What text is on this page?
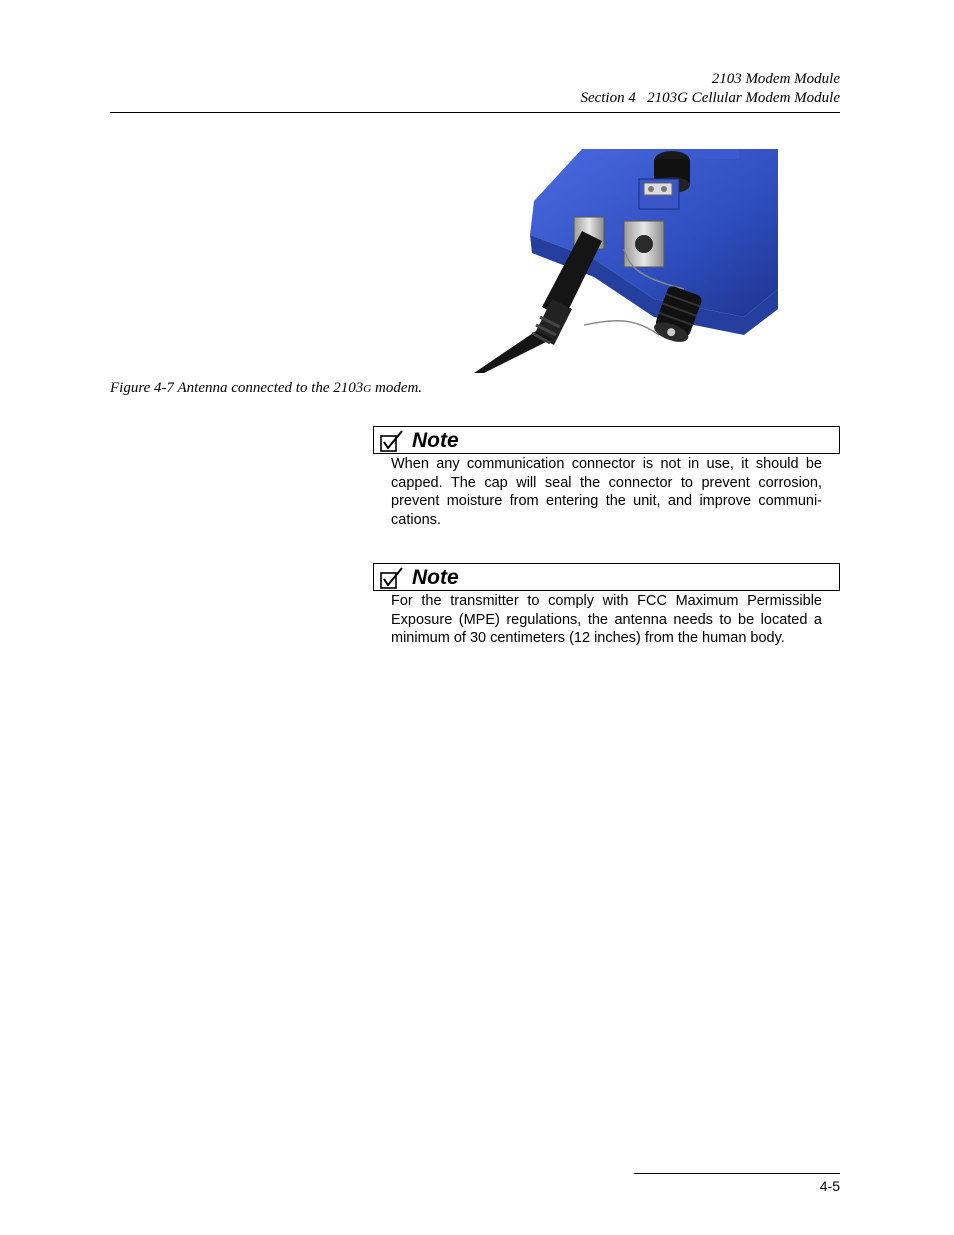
2103 Modem Module
Section 4   2103G Cellular Modem Module
Figure 4-7 Antenna connected to the 2103G modem.
Note
When any communication connector is not in use, it should be capped. The cap will seal the connector to prevent corrosion, prevent moisture from entering the unit, and improve communi-cations.
Note
For the transmitter to comply with FCC Maximum Permissible Exposure (MPE) regulations, the antenna needs to be located a minimum of 30 centimeters (12 inches) from the human body.
4-5
